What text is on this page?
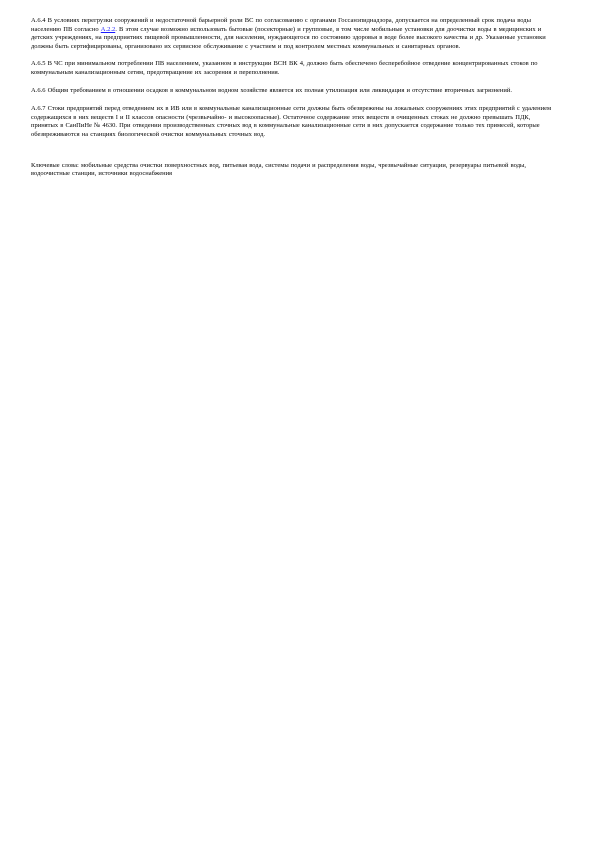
А.6.4 В условиях перегрузки сооружений и недостаточной барьерной роли ВС по согласованию с органами Госсанэпиднадзора, допускается на определенный срок подача воды населению ПВ согласно А.2.2. В этом случае возможно использовать бытовые (посекторные) и групповые, в том числе мобильные установки для доочистки воды в медицинских и детских учреждениях, на предприятиях пищевой промышленности, для населения, нуждающегося по состоянию здоровья в воде более высокого качества и др. Указанные установки должны быть сертифицированы, организовано их сервисное обслуживание с участием и под контролем местных коммунальных и санитарных органов.

А.6.5 В ЧС при минимальном потреблении ПВ населением, указанном в инструкции ВСН ВК 4, должно быть обеспечено бесперебойное отведение концентрированных стоков по коммунальным канализационным сетям, предотвращение их засорения и переполнения.

А.6.6 Общим требованием в отношении осадков в коммунальном водном хозяйстве является их полная утилизация или ликвидация и отсутствие вторичных загрязнений.

А.6.7 Стоки предприятий перед отведением их в ИВ или в коммунальные канализационные сети должны быть обезврежены на локальных сооружениях этих предприятий с удалением содержащихся в них веществ I и II классов опасности (чрезвычайно- и высокоопасные). Остаточное содержание этих веществ в очищенных стоках не должно превышать ПДК, принятых в СанПиНе № 4630. При отведении производственных сточных вод в коммунальные канализационные сети в них допускается содержание только тех примесей, которые обезвреживаются на станциях биологической очистки коммунальных сточных вод.

Ключевые слова: мобильные средства очистки поверхностных вод, питьевая вода, системы подачи и распределения воды, чрезвычайные ситуации, резервуары питьевой воды, водоочистные станции, источники водоснабжения
